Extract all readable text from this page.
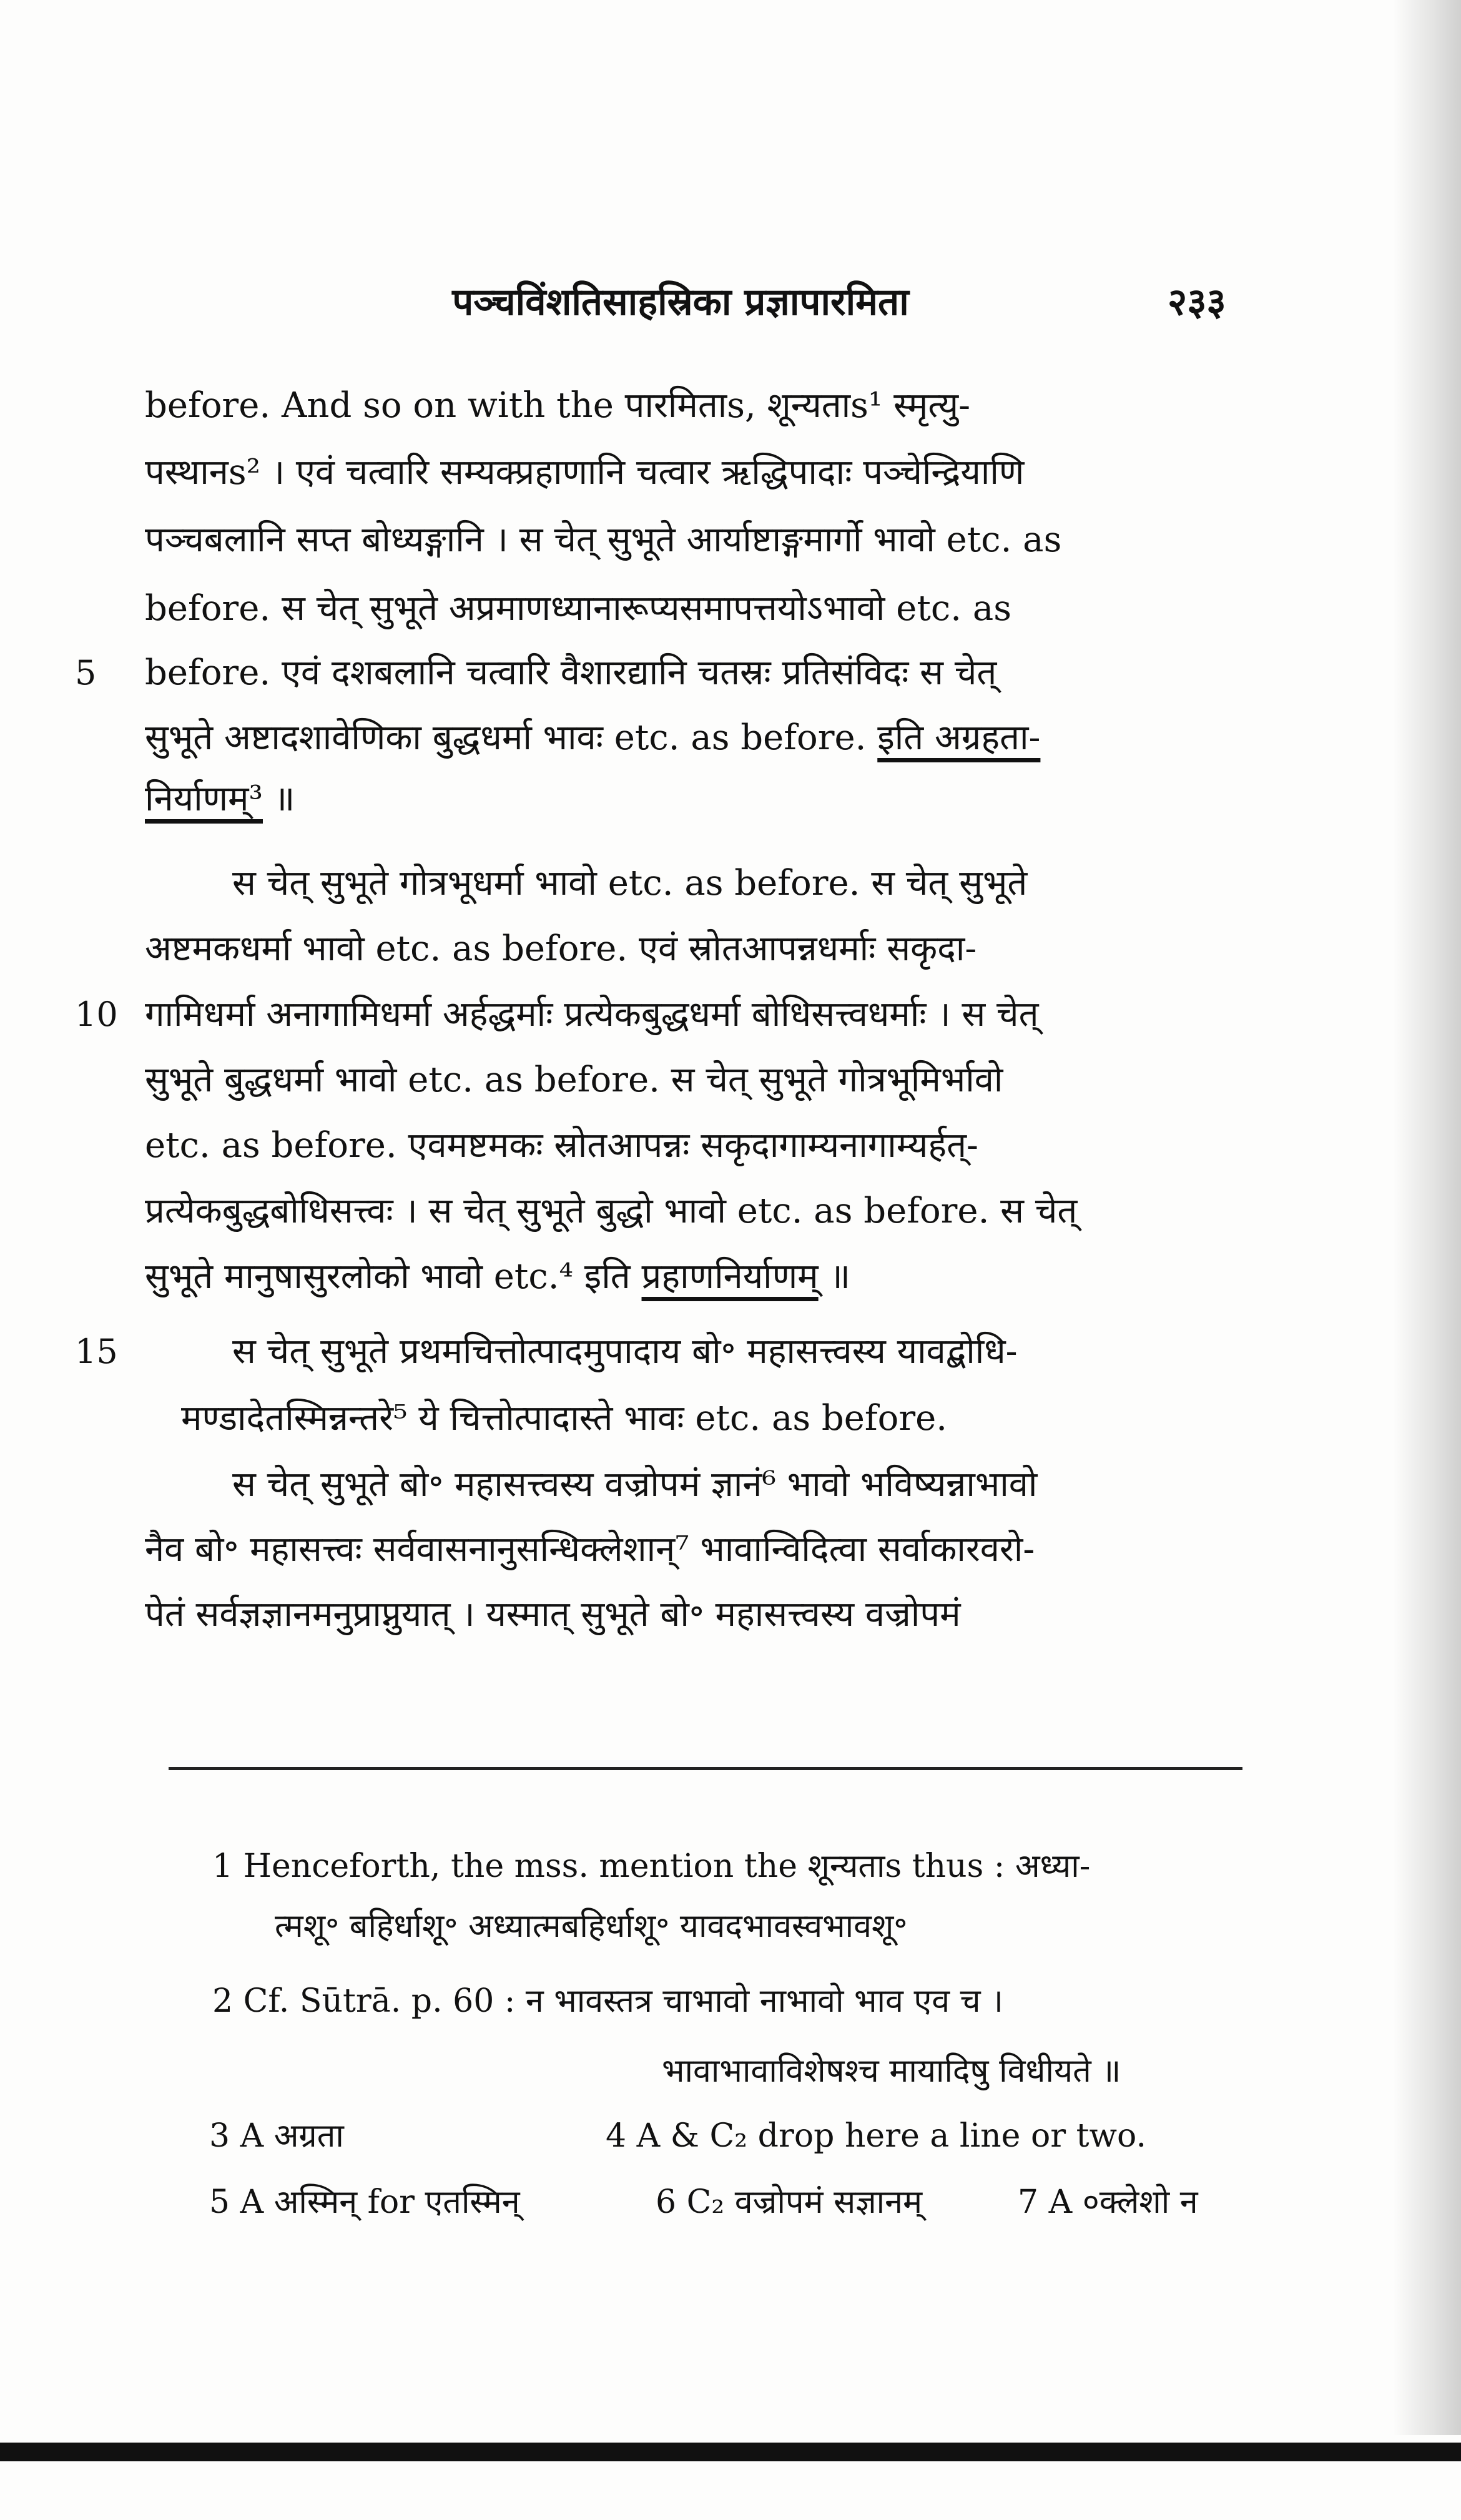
पञ्चविंशतिसाहस्रिका प्रज्ञापारमिता	२३३
before. And so on with the पारमिताs, शून्यताs¹ स्मृत्यु-
पस्थानs² । एवं चत्वारि सम्यक्प्रहाणानि चत्वार ऋद्धिपादाः पञ्चेन्द्रियाणि
पञ्चबलानि सप्त बोध्यङ्गानि । स चेत् सुभूते आर्याष्टाङ्गमार्गो भावो etc. as
before. स चेत् सुभूते अप्रमाणध्यानारूप्यसमापत्तयोऽभावो etc. as
5 before. एवं दशबलानि चत्वारि वैशारद्यानि चतस्रः प्रतिसंविदः स चेत्
सुभूते अष्टादशावेणिका बुद्धधर्मा भावः etc. as before. इति अग्रहता-
निर्याणम्³ ॥
स चेत् सुभूते गोत्रभूधर्मा भावो etc. as before. स चेत् सुभूते
अष्टमकधर्मा भावो etc. as before. एवं स्रोतआपन्नधर्माः सकृदा-
10 गामिधर्मा अनागामिधर्मा अर्हद्धर्माः प्रत्येकबुद्धधर्मा बोधिसत्त्वधर्माः । स चेत्
सुभूते बुद्धधर्मा भावो etc. as before. स चेत् सुभूते गोत्रभूमिर्भावो
etc. as before. एवमष्टमकः स्रोतआपन्नः सकृदागाम्यनागाम्यर्हत्-
प्रत्येकबुद्धबोधिसत्त्वः । स चेत् सुभूते बुद्धो भावो etc. as before. स चेत्
सुभूते मानुषासुरलोको भावो etc.⁴ इति प्रहाणनिर्याणम् ॥
15	स चेत् सुभूते प्रथमचित्तोत्पादमुपादाय बो॰ महासत्त्वस्य यावद्बोधि-
मण्डादेतस्मिन्नन्तरे⁵ ये चित्तोत्पादास्ते भावः etc. as before.
स चेत् सुभूते बो॰ महासत्त्वस्य वज्रोपमं ज्ञानं⁶ भावो भविष्यन्नाभावो
नैव बो॰ महासत्त्वः सर्ववासनानुसन्धिक्लेशान्⁷ भावान्विदित्वा सर्वाकारवरो-
पेतं सर्वज्ञज्ञानमनुप्राप्नुयात् । यस्मात् सुभूते बो॰ महासत्त्वस्य वज्रोपमं
1 Henceforth, the mss. mention the शून्यताs thus : अध्या-
त्मशू॰ बहिर्धाशू॰ अध्यात्मबहिर्धाशू॰ यावदभावस्वभावशू॰
2 Cf. Sūtrā. p. 60 : न भावस्तत्र चाभावो नाभावो भाव एव च ।
भावाभावाविशेषश्च मायादिषु विधीयते ॥
3 A अग्रता	4 A & C₂ drop here a line or two.
5 A अस्मिन् for एतस्मिन्	6 C₂ वज्रोपमं सज्ञानम्	7 A ०क्लेशो न
